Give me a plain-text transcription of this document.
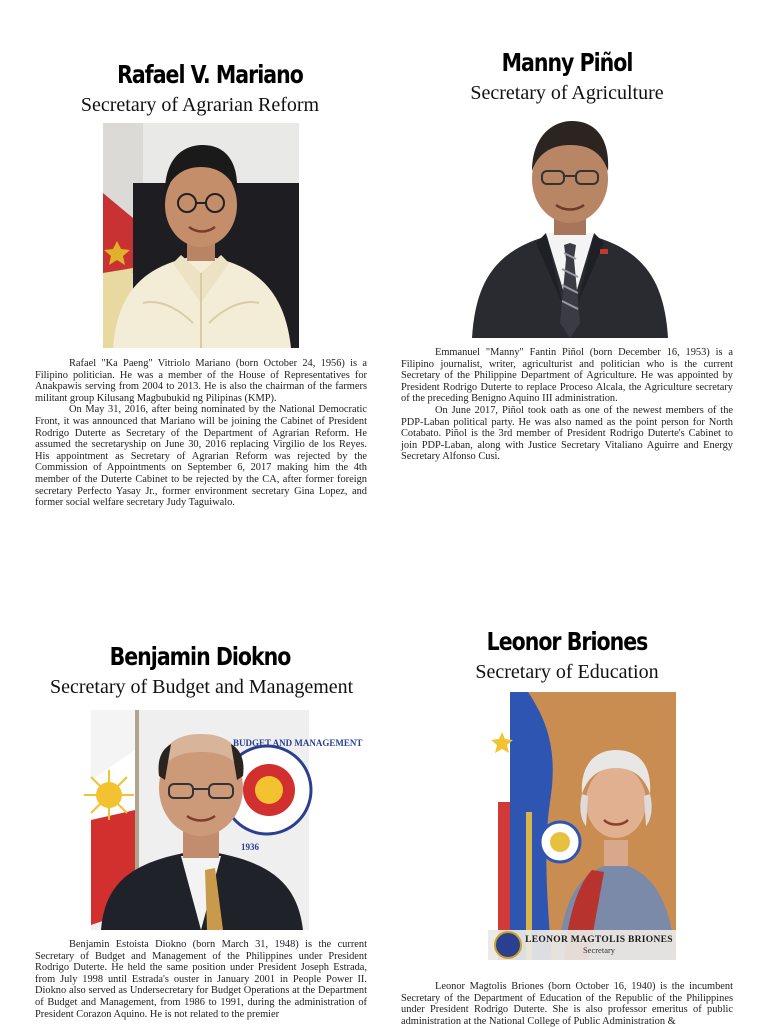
Rafael V. Mariano
Secretary of Agrarian Reform

Rafael "Ka Paeng" Vitriolo Mariano (born October 24, 1956) is a Filipino politician. He was a member of the House of Representatives for Anakpawis serving from 2004 to 2013. He is also the chairman of the farmers militant group Kilusang Magbubukid ng Pilipinas (KMP).

On May 31, 2016, after being nominated by the National Democratic Front, it was announced that Mariano will be joining the Cabinet of President Rodrigo Duterte as Secretary of the Department of Agrarian Reform. He assumed the secretaryship on June 30, 2016 replacing Virgilio de los Reyes. His appointment as Secretary of Agrarian Reform was rejected by the Commission of Appointments on September 6, 2017 making him the 4th member of the Duterte Cabinet to be rejected by the CA, after former foreign secretary Perfecto Yasay Jr., former environment secretary Gina Lopez, and former social welfare secretary Judy Taguiwalo.

Manny Piñol
Secretary of Agriculture

Emmanuel "Manny" Fantin Piñol (born December 16, 1953) is a Filipino journalist, writer, agriculturist and politician who is the current Secretary of the Philippine Department of Agriculture. He was appointed by President Rodrigo Duterte to replace Proceso Alcala, the Agriculture secretary of the preceding Benigno Aquino III administration.

On June 2017, Piñol took oath as one of the newest members of the PDP-Laban political party. He was also named as the point person for North Cotabato. Piñol is the 3rd member of President Rodrigo Duterte's Cabinet to join PDP-Laban, along with Justice Secretary Vitaliano Aguirre and Energy Secretary Alfonso Cusi.

Benjamin Diokno
Secretary of Budget and Management
BUDGET AND MANAGEMENT
1936

Benjamin Estoista Diokno (born March 31, 1948) is the current Secretary of Budget and Management of the Philippines under President Rodrigo Duterte. He held the same position under President Joseph Estrada, from July 1998 until Estrada's ouster in January 2001 in People Power II. Diokno also served as Undersecretary for Budget Operations at the Department of Budget and Management, from 1986 to 1991, during the administration of President Corazon Aquino. He is not related to the premier

Leonor Briones
Secretary of Education
LEONOR MAGTOLIS BRIONES
Secretary

Leonor Magtolis Briones (born October 16, 1940) is the incumbent Secretary of the Department of Education of the Republic of the Philippines under President Rodrigo Duterte. She is also professor emeritus of public administration at the National College of Public Administration &
